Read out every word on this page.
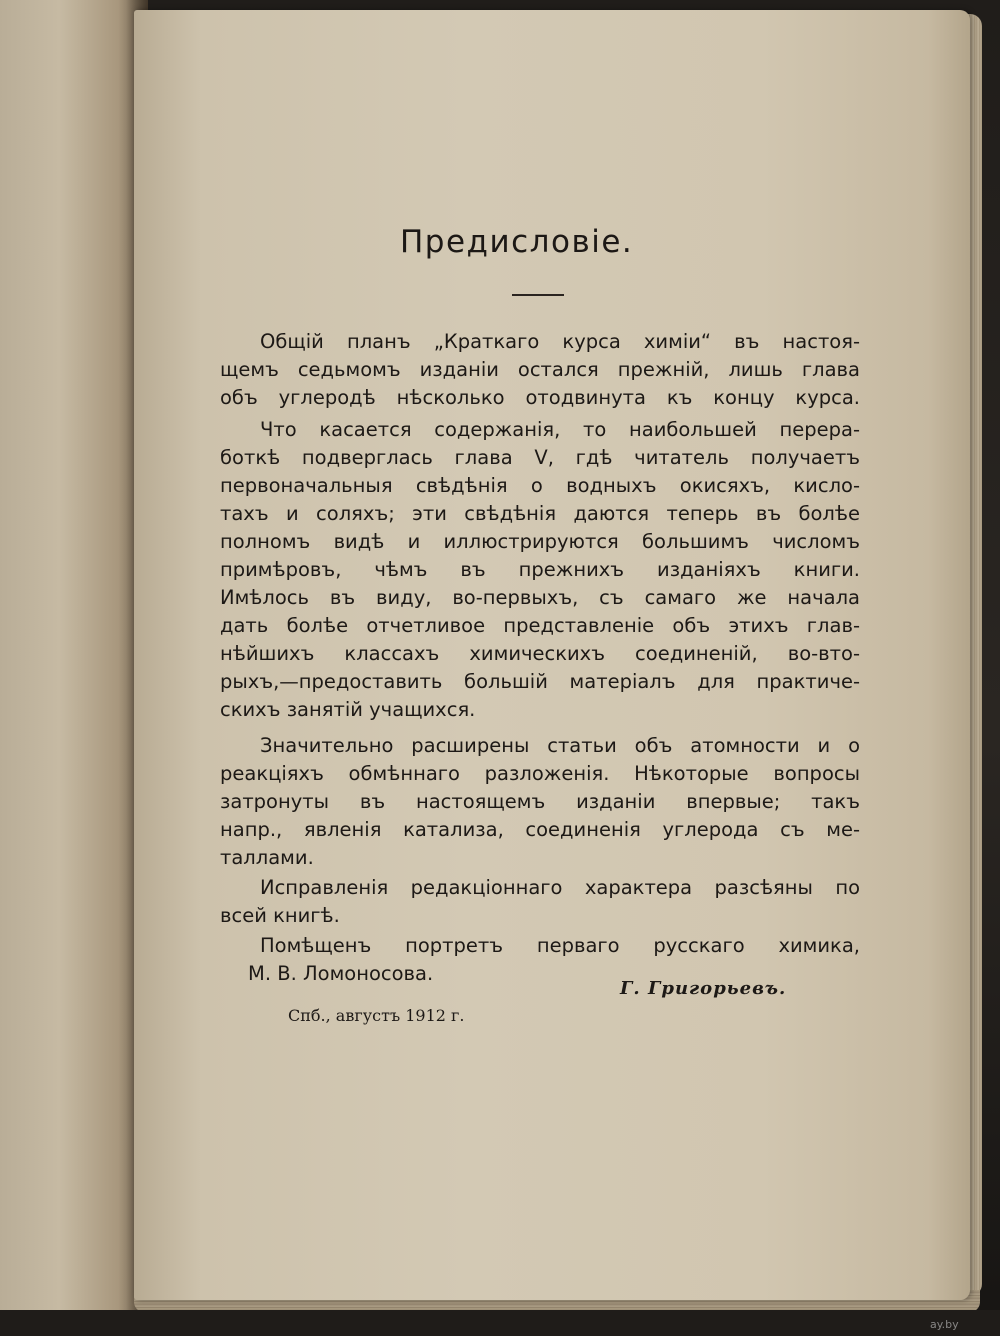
Предисловіе.
Общій планъ „Краткаго курса химіи“ въ настоя-
щемъ седьмомъ изданіи остался прежній, лишь глава
объ углеродѣ нѣсколько отодвинута къ концу курса.
Что касается содержанія, то наибольшей перера-
боткѣ подверглась глава V, гдѣ читатель получаетъ
первоначальныя свѣдѣнія о водныхъ окисяхъ, кисло-
тахъ и соляхъ; эти свѣдѣнія даются теперь въ болѣе
полномъ видѣ и иллюстрируются большимъ числомъ
примѣровъ, чѣмъ въ прежнихъ изданіяхъ книги.
Имѣлось въ виду, во-первыхъ, съ самаго же начала
дать болѣе отчетливое представленіе объ этихъ глав-
нѣйшихъ классахъ химическихъ соединеній, во-вто-
рыхъ,—предоставить большій матеріалъ для практиче-
скихъ занятій учащихся.
Значительно расширены статьи объ атомности и о
реакціяхъ обмѣннаго разложенія. Нѣкоторые вопросы
затронуты въ настоящемъ изданіи впервые; такъ
напр., явленія катализа, соединенія углерода съ ме-
таллами.
Исправленія редакціоннаго характера разсѣяны по
всей книгѣ.
Помѣщенъ портретъ перваго русскаго химика,
М. В. Ломоносова.
Г. Григорьевъ.
Спб., августъ 1912 г.
ay.by
